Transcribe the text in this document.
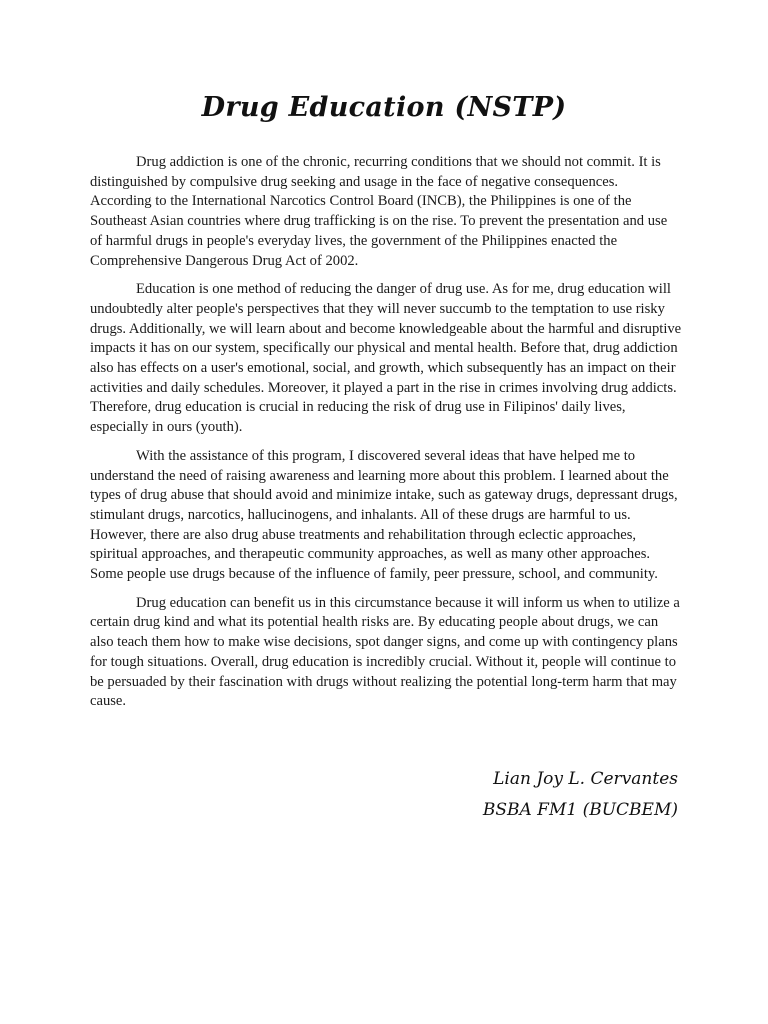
Drug Education (NSTP)

Drug addiction is one of the chronic, recurring conditions that we should not commit. It is distinguished by compulsive drug seeking and usage in the face of negative consequences. According to the International Narcotics Control Board (INCB), the Philippines is one of the Southeast Asian countries where drug trafficking is on the rise. To prevent the presentation and use of harmful drugs in people's everyday lives, the government of the Philippines enacted the Comprehensive Dangerous Drug Act of 2002.

Education is one method of reducing the danger of drug use. As for me, drug education will undoubtedly alter people's perspectives that they will never succumb to the temptation to use risky drugs. Additionally, we will learn about and become knowledgeable about the harmful and disruptive impacts it has on our system, specifically our physical and mental health. Before that, drug addiction also has effects on a user's emotional, social, and growth, which subsequently has an impact on their activities and daily schedules. Moreover, it played a part in the rise in crimes involving drug addicts. Therefore, drug education is crucial in reducing the risk of drug use in Filipinos' daily lives, especially in ours (youth).

With the assistance of this program, I discovered several ideas that have helped me to understand the need of raising awareness and learning more about this problem. I learned about the types of drug abuse that should avoid and minimize intake, such as gateway drugs, depressant drugs, stimulant drugs, narcotics, hallucinogens, and inhalants. All of these drugs are harmful to us. However, there are also drug abuse treatments and rehabilitation through eclectic approaches, spiritual approaches, and therapeutic community approaches, as well as many other approaches. Some people use drugs because of the influence of family, peer pressure, school, and community.

Drug education can benefit us in this circumstance because it will inform us when to utilize a certain drug kind and what its potential health risks are. By educating people about drugs, we can also teach them how to make wise decisions, spot danger signs, and come up with contingency plans for tough situations. Overall, drug education is incredibly crucial. Without it, people will continue to be persuaded by their fascination with drugs without realizing the potential long-term harm that may cause.

Lian Joy L. Cervantes
BSBA FM1 (BUCBEM)
